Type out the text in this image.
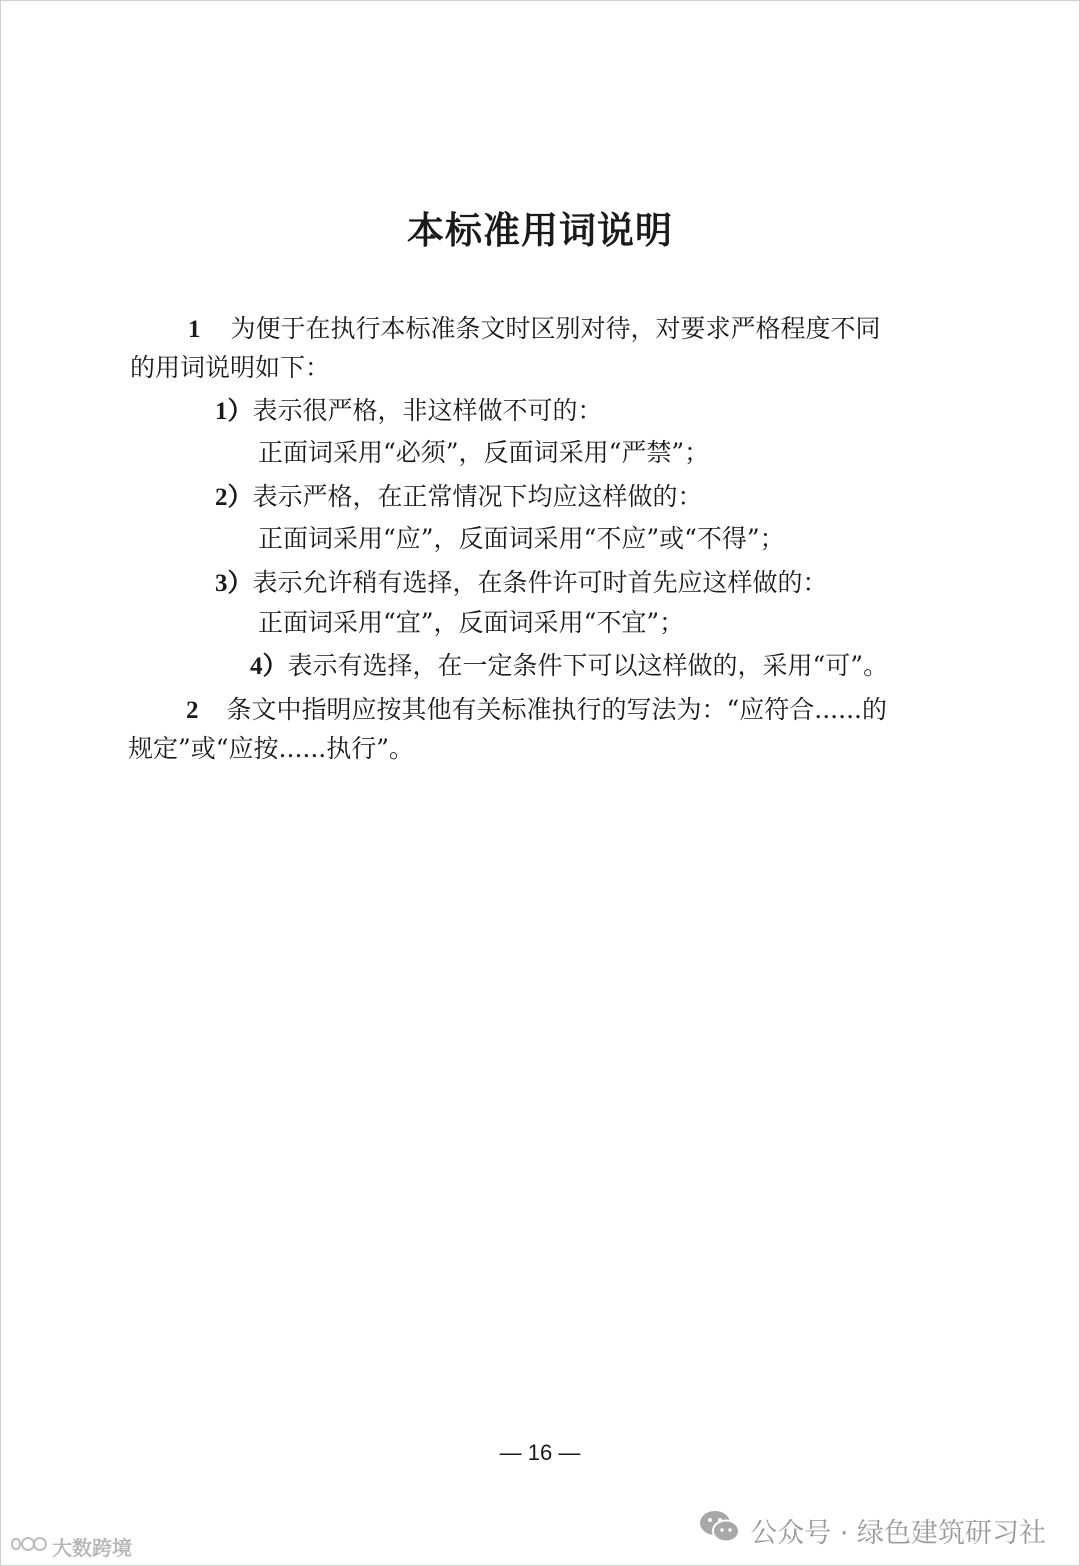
本标准用词说明
1 为便于在执行本标准条文时区别对待，对要求严格程度不同
的用词说明如下：
1）表示很严格，非这样做不可的：
正面词采用“必须”，反面词采用“严禁”；
2）表示严格，在正常情况下均应这样做的：
正面词采用“应”，反面词采用“不应”或“不得”；
3）表示允许稍有选择，在条件许可时首先应这样做的：
正面词采用“宜”，反面词采用“不宜”；
4）表示有选择，在一定条件下可以这样做的，采用“可”。
2 条文中指明应按其他有关标准执行的写法为：“应符合......的
规定”或“应按......执行”。
— 16 —
公众号 · 绿色建筑研习社
大数跨境
